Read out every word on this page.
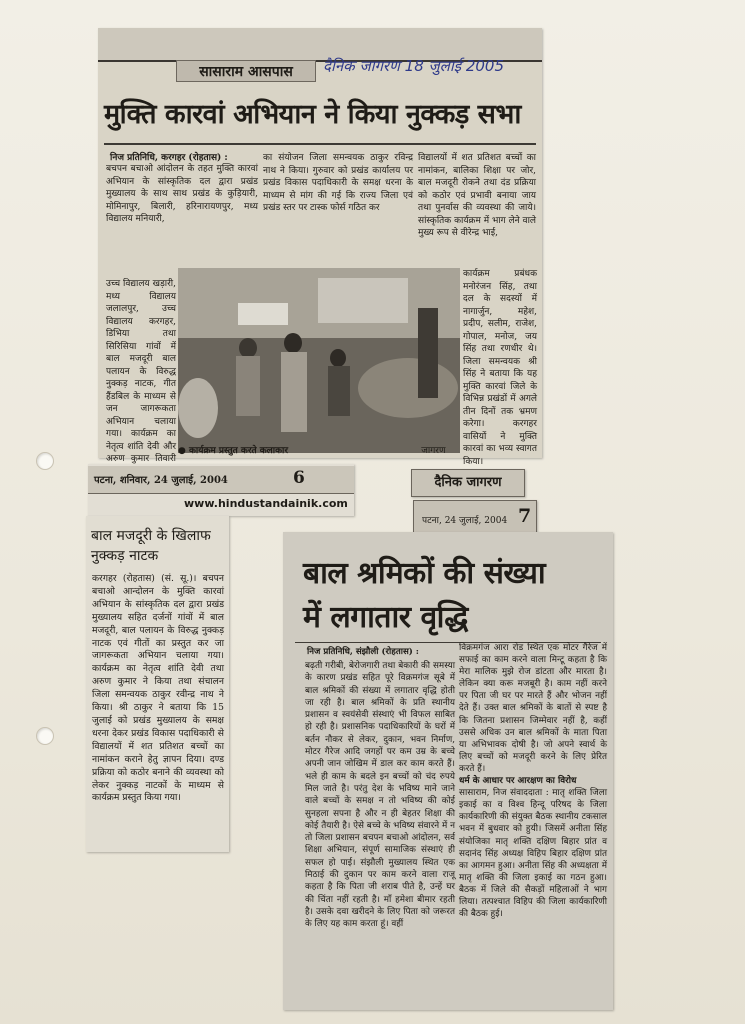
सासाराम आसपास	दैनिक जागरण 18 जुलाई 2005
मुक्ति कारवां अभियान ने किया नुक्कड़ सभा
निज प्रतिनिधि, करगहर (रोहतास) :
बचपन बचाओ आंदोलन के तहत मुक्ति कारवां अभियान के सांस्कृतिक दल द्वारा प्रखंड मुख्यालय के साथ साथ प्रखंड के कुड़ियारी, मोमिनापुर, बिलारी, हरिनारायणपुर, मध्य विद्यालय मनियारी,
उच्च विद्यालय खड़ारी, मध्य विद्यालय जलालपुर, उच्च विद्यालय करगहर, डिभिया तथा सिरिसिया गांवों में बाल मजदूरी बाल पलायन के विरुद्ध नुक्कड़ नाटक, गीत हैंडबिल के माध्यम से जन जागरूकता अभियान चलाया गया। कार्यक्रम का नेतृत्व शांति देवी और अरुण कुमार तिवारी
का संयोजन जिला समन्वयक ठाकुर रविन्द्र नाथ ने किया। गुरुवार को प्रखंड कार्यालय पर प्रखंड विकास पदाधिकारी के समक्ष धरना के माध्यम से मांग की गई कि राज्य जिला एवं प्रखंड स्तर पर टास्क फोर्स गठित कर
विद्यालयों में शत प्रतिशत बच्चों का नामांकन, बालिका शिक्षा पर जोर, बाल मजदूरी रोकने तथा दंड प्रक्रिया को कठोर एवं प्रभावी बनाया जाय तथा पुनर्वास की व्यवस्था की जाये। सांस्कृतिक कार्यक्रम में भाग लेने वाले मुख्य रूप से वीरेन्द्र भाई,
कार्यक्रम प्रबंधक मनोरंजन सिंह, तथा दल के सदस्यों में नागार्जुन, महेश, प्रदीप, सलीम, राजेश, गोपाल, मनोज, जय सिंह तथा रणधीर थे। जिला समन्वयक श्री सिंह ने बताया कि यह मुक्ति कारवां जिले के विभिन्न प्रखंडों में अगले तीन दिनों तक भ्रमण करेगा। करगहर वासियों ने मुक्ति कारवां का भव्य स्वागत किया।
● कार्यक्रम प्रस्तुत करते कलाकार	जागरण
पटना, शनिवार, 24 जुलाई, 2004	6
www.hindustandainik.com
बाल मजदूरी के खिलाफ
नुक्कड़ नाटक
करगहर (रोहतास) (सं. सू.)। बचपन बचाओ आन्दोलन के मुक्ति कारवां अभियान के सांस्कृतिक दल द्वारा प्रखंड मुख्यालय सहित दर्जनों गांवों में बाल मजदूरी, बाल पलायन के विरुद्ध नुक्कड़ नाटक एवं गीतों का प्रस्तुत कर जा जागरूकता अभियान चलाया गया। कार्यक्रम का नेतृत्व शांति देवी तथा अरुण कुमार ने किया तथा संचालन जिला समन्वयक ठाकुर रवीन्द्र नाथ ने किया। श्री ठाकुर ने बताया कि 15 जुलाई को प्रखंड मुख्यालय के समक्ष धरना देकर प्रखंड विकास पदाधिकारी से विद्यालयों में शत प्रतिशत बच्चों का नामांकन कराने हेतु ज्ञापन दिया। दण्ड प्रक्रिया को कठोर बनाने की व्यवस्था को लेकर नुक्कड़ नाटकों के माध्यम से कार्यक्रम प्रस्तुत किया गया।
दैनिक जागरण
पटना, 24 जुलाई, 2004 7
बाल श्रमिकों की संख्या
में लगातार वृद्धि
निज प्रतिनिधि, संझौली (रोहतास) :
बढ़ती गरीबी, बेरोजगारी तथा बेकारी की समस्या के कारण प्रखंड सहित पूरे विक्रमगंज सूबे में बाल श्रमिकों की संख्या में लगातार वृद्धि होती जा रही है। बाल श्रमिकों के प्रति स्थानीय प्रशासन व स्वयंसेवी संस्थाएं भी विफल साबित हो रही है। प्रशासनिक पदाधिकारियों के घरों में बर्तन नौकर से लेकर, दुकान, भवन निर्माण, मोटर गैरेज आदि जगहों पर कम उम्र के बच्चे अपनी जान जोखिम में डाल कर काम करते हैं। भले ही काम के बदले इन बच्चों को चंद रुपये मिल जाते है। परंतु देश के भविष्य माने जाने वाले बच्चों के समक्ष न तो भविष्य की कोई सुनहला सपना है और न ही बेहतर शिक्षा की कोई तैयारी है। ऐसे बच्चे के भविष्य संवारने में न तो जिला प्रशासन बचपन बचाओ आंदोलन, सर्व शिक्षा अभियान, संपूर्ण सामाजिक संस्थाएं ही सफल हो पाई। संझौली मुख्यालय स्थित एक मिठाई की दुकान पर काम करने वाला राजू कहता है कि पिता जी शराब पीते है, उन्हें घर की चिंता नहीं रहती है। माँ हमेशा बीमार रहती है। उसके दवा खरीदने के लिए पिता को जरूरत के लिए यह काम करता हूं। वहीं
विक्रमगंज आरा रोड स्थित एक मोटर गैरेज में सफाई का काम करने वाला मिन्टू कहता है कि मेरा मालिक मुझे रोज डांटता और मारता है। लेकिन क्या करू मजबूरी है। काम नहीं करने पर पिता जी घर पर मारते हैं और भोजन नहीं देते हैं। उक्त बाल श्रमिकों के बातों से स्पष्ट है कि जितना प्रशासन जिम्मेवार नहीं है, कहीं उससे अधिक उन बाल श्रमिकों के माता पिता या अभिभावक दोषी है। जो अपने स्वार्थ के लिए बच्चों को मजदूरी करने के लिए प्रेरित करते हैं।
धर्म के आधार पर आरक्षण का विरोध
सासाराम, निज संवाददाता : मातृ शक्ति जिला इकाई का व विश्व हिन्दू परिषद के जिला कार्यकारिणी की संयुक्त बैठक स्थानीय टकसाल भवन में बुधवार को हुयी। जिसमें अनीता सिंह संयोजिका मातृ शक्ति दक्षिण बिहार प्रांत व सदानंद सिंह अध्यक्ष विहिप बिहार दक्षिण प्रांत का आगमन हुआ। अनीता सिंह की अध्यक्षता में मातृ शक्ति की जिला इकाई का गठन हुआ। बैठक में जिले की सैकड़ों महिलाओं ने भाग लिया। तत्पश्चात विहिप की जिला कार्यकारिणी की बैठक हुई।
